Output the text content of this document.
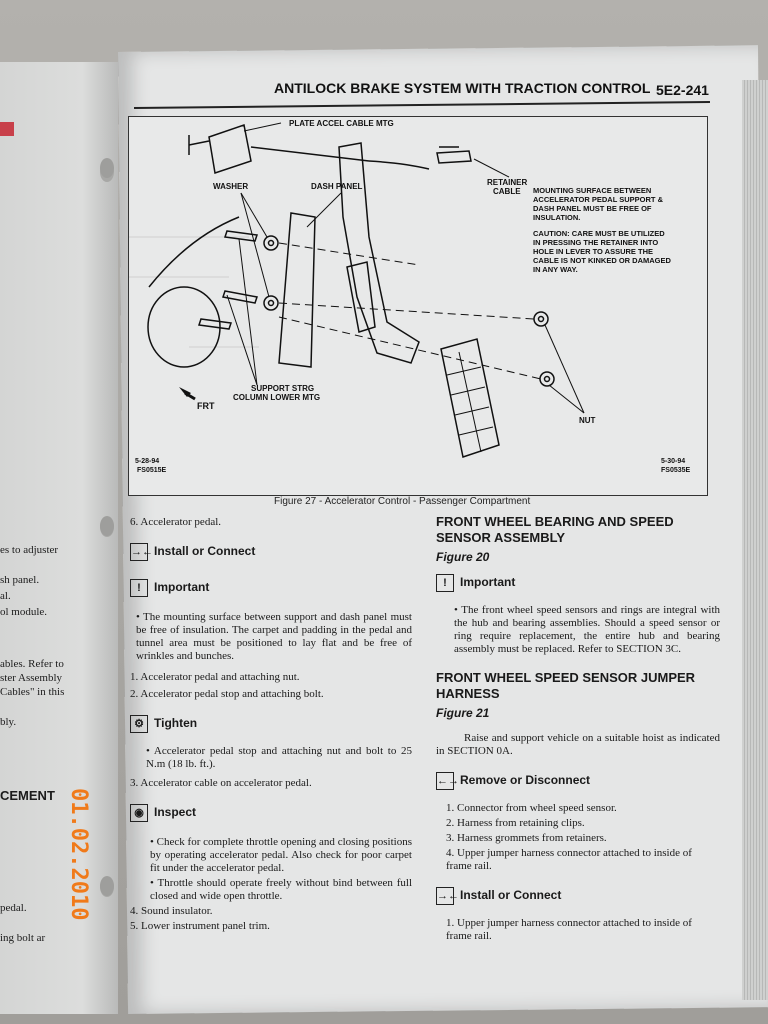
es to adjuster
sh panel.
al.
ol module.
ables. Refer to
ster Assembly
Cables" in this
bly.
CEMENT
pedal.
ing bolt ar
ANTILOCK BRAKE SYSTEM WITH TRACTION CONTROL 5E2-241
PLATE ACCEL CABLE MTG
WASHER	DASH PANEL	RETAINER
CABLE MOUNTING SURFACE BETWEEN
ACCELERATOR PEDAL SUPPORT &
DASH PANEL MUST BE FREE OF
INSULATION.
CAUTION: CARE MUST BE UTILIZED
IN PRESSING THE RETAINER INTO
HOLE IN LEVER TO ASSURE THE
CABLE IS NOT KINKED OR DAMAGED
IN ANY WAY.
SUPPORT STRG
COLUMN LOWER MTG
FRT
NUT
5-28-94
FS0515E
5-30-94
FS0535E
Figure 27 - Accelerator Control - Passenger Compartment
6. Accelerator pedal.
→←Install or Connect
! Important
• The mounting surface between support and dash panel must be free of insulation. The carpet and padding in the pedal and tunnel area must be positioned to lay flat and be free of wrinkles and bunches.
1. Accelerator pedal and attaching nut.
2. Accelerator pedal stop and attaching bolt.
⚙ Tighten
• Accelerator pedal stop and attaching nut and bolt to 25 N.m (18 lb. ft.).
3. Accelerator cable on accelerator pedal.
◉ Inspect
• Check for complete throttle opening and closing positions by operating accelerator pedal. Also check for poor carpet fit under the accelerator pedal.
• Throttle should operate freely without bind between full closed and wide open throttle.
4. Sound insulator.
5. Lower instrument panel trim.
FRONT WHEEL BEARING AND SPEED SENSOR ASSEMBLY
Figure 20
! Important
• The front wheel speed sensors and rings are integral with the hub and bearing assemblies. Should a speed sensor or ring require replacement, the entire hub and bearing assembly must be replaced. Refer to SECTION 3C.
FRONT WHEEL SPEED SENSOR JUMPER HARNESS
Figure 21
Raise and support vehicle on a suitable hoist as indicated in SECTION 0A.
←→Remove or Disconnect
1. Connector from wheel speed sensor.
2. Harness from retaining clips.
3. Harness grommets from retainers.
4. Upper jumper harness connector attached to inside of frame rail.
→←Install or Connect
1. Upper jumper harness connector attached to inside of frame rail.
01.02.2010
